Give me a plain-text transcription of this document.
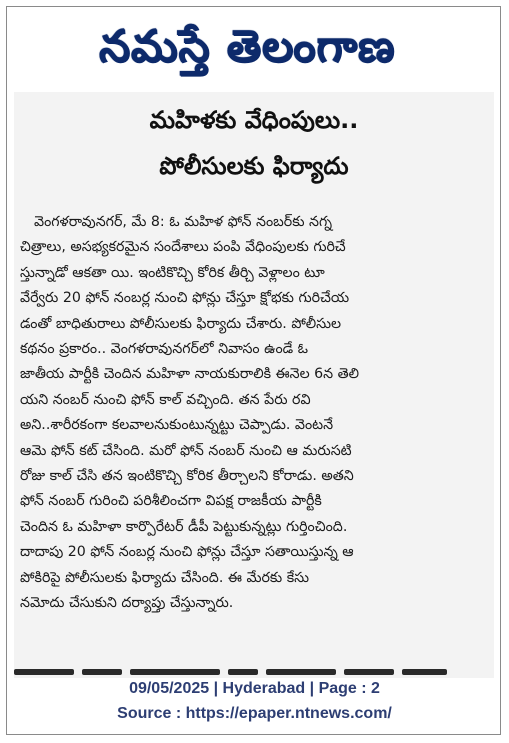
నమస్తే తెలంగాణ
మహిళకు వేధింపులు..
పోలీసులకు ఫిర్యాదు
వెంగళరావునగర్, మే 8: ఓ మహిళ ఫోన్ నంబర్‌కు నగ్న
చిత్రాలు, అసభ్యకరమైన సందేశాలు పంపి వేధింపులకు గురిచే
స్తున్నాడో ఆకతా యి. ఇంటికొచ్చి కోరిక తీర్చి వెళ్లాలం టూ
వేర్వేరు 20 ఫోన్ నంబర్ల నుంచి ఫోన్లు చేస్తూ క్షోభకు గురిచేయ
డంతో బాధితురాలు పోలీసులకు ఫిర్యాదు చేశారు. పోలీసుల
కథనం ప్రకారం.. వెంగళరావునగర్‌లో నివాసం ఉండే ఓ
జాతీయ పార్టీకి చెందిన మహిళా నాయకురాలికి ఈనెల 6న తెలి
యని నంబర్ నుంచి ఫోన్ కాల్ వచ్చింది. తన పేరు రవి
అని..శారీరకంగా కలవాలనుకుంటున్నట్టు చెప్పాడు. వెంటనే
ఆమె ఫోన్ కట్ చేసింది. మరో ఫోన్ నంబర్ నుంచి ఆ మరుసటి
రోజు కాల్ చేసి తన ఇంటికొచ్చి కోరిక తీర్చాలని కోరాడు. అతని
ఫోన్ నంబర్ గురించి పరిశీలించగా విపక్ష రాజకీయ పార్టీకి
చెందిన ఓ మహిళా కార్పొరేటర్ డీపీ పెట్టుకున్నట్లు గుర్తించింది.
దాదాపు 20 ఫోన్ నంబర్ల నుంచి ఫోన్లు చేస్తూ సతాయిస్తున్న ఆ
పోకిరిపై పోలీసులకు ఫిర్యాదు చేసింది. ఈ మేరకు కేసు
నమోదు చేసుకుని దర్యాప్తు చేస్తున్నారు.
09/05/2025 | Hyderabad | Page : 2
Source : https://epaper.ntnews.com/
